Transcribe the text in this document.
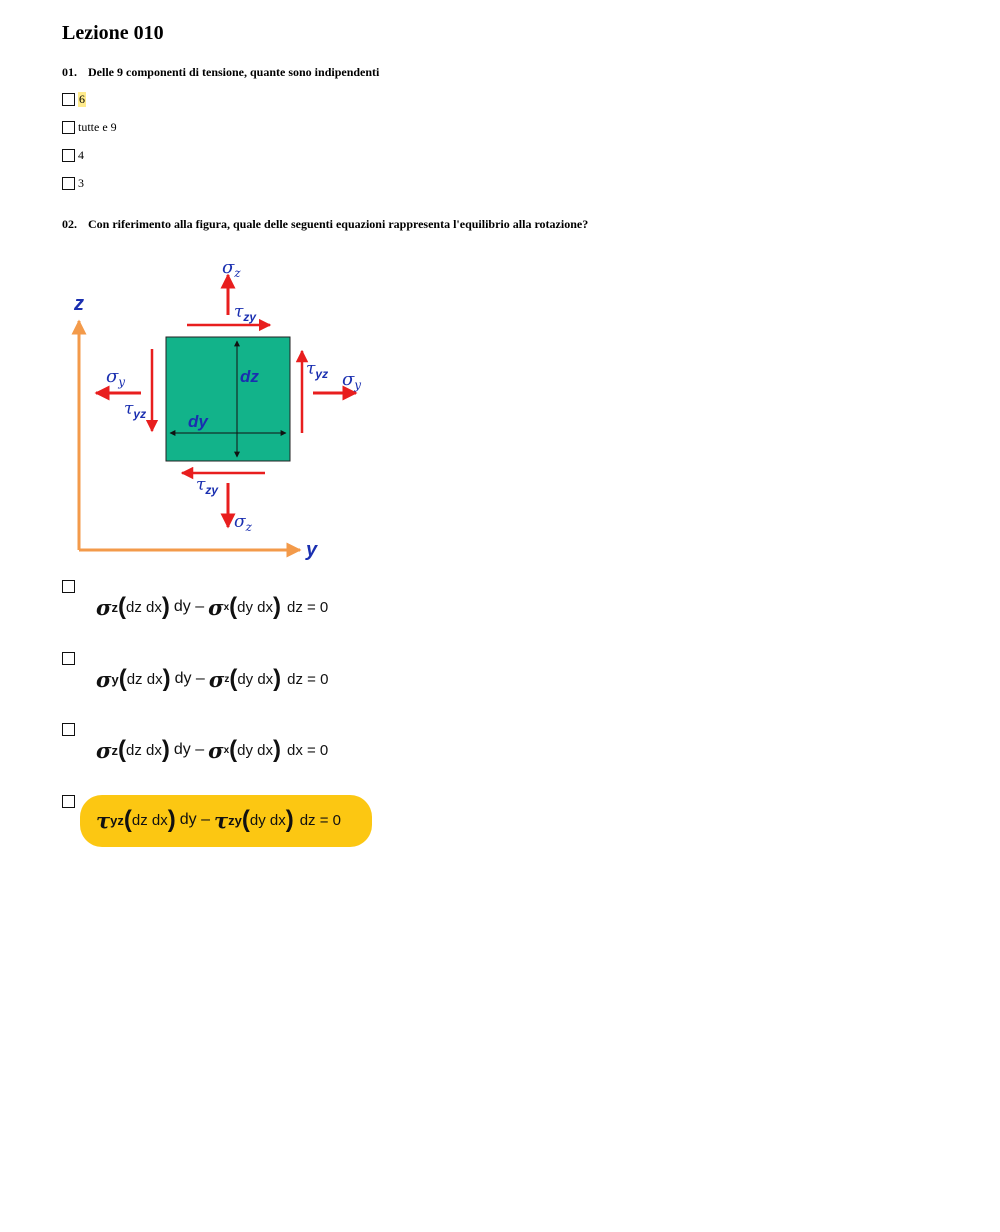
Lezione 010
01. Delle 9 componenti di tensione, quante sono indipendenti
6
tutte e 9
4
3
02. Con riferimento alla figura, quale delle seguenti equazioni rappresenta l'equilibrio alla rotazione?
z
y
dz
dy
$\sigma_z$
$\tau_{zy}$
$\sigma_y$
$\tau_{yz}$
$\sigma_y$
$\tau_{yz}$
$\tau_{zy}$
$\sigma_z$
σ z ( dz dx ) dy – σ x ( dy dx ) dz = 0
σ y ( dz dx ) dy – σ z ( dy dx ) dz = 0
σ z ( dz dx ) dy – σ x ( dy dx ) dx = 0
τ yz ( dz dx ) dy – τ zy ( dy dx ) dz = 0
